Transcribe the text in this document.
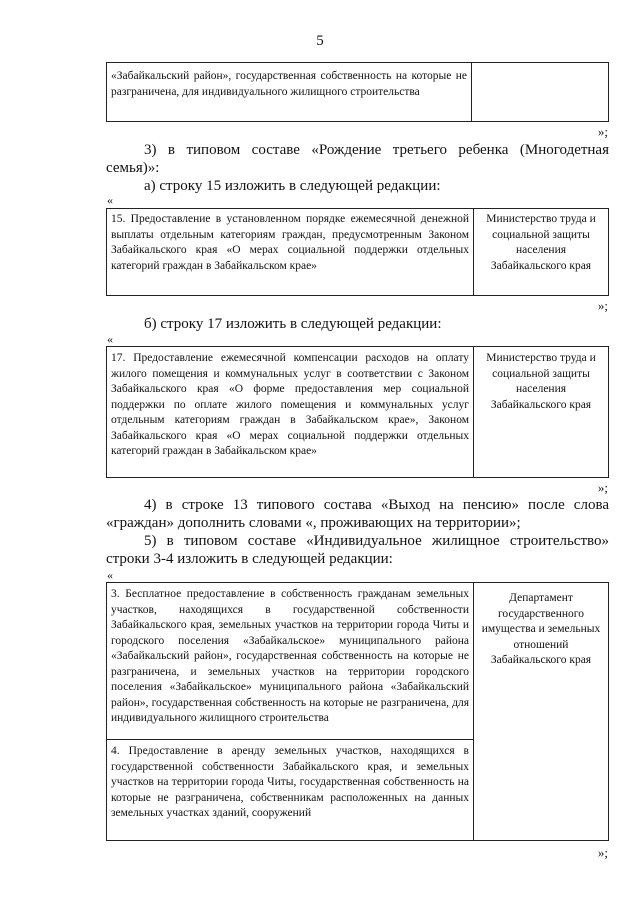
5
«Забайкальский район», государственная собственность на которые не разграничена, для индивидуального жилищного строительства
»;
3) в типовом составе «Рождение третьего ребенка (Многодетная семья)»:
а) строку 15 изложить в следующей редакции:
«
15. Предоставление в установленном порядке ежемесячной денежной выплаты отдельным категориям граждан, предусмотренным Законом Забайкальского края «О мерах социальной поддержки отдельных категорий граждан в Забайкальском крае»
Министерство труда и социальной защиты населения Забайкальского края
»;
б) строку 17 изложить в следующей редакции:
«
17. Предоставление ежемесячной компенсации расходов на оплату жилого помещения и коммунальных услуг в соответствии с Законом Забайкальского края «О форме предоставления мер социальной поддержки по оплате жилого помещения и коммунальных услуг отдельным категориям граждан в Забайкальском крае», Законом Забайкальского края «О мерах социальной поддержки отдельных категорий граждан в Забайкальском крае»
Министерство труда и социальной защиты населения Забайкальского края
»;
4) в строке 13 типового состава «Выход на пенсию» после слова «граждан» дополнить словами «, проживающих на территории»;
5) в типовом составе «Индивидуальное жилищное строительство» строки 3-4 изложить в следующей редакции:
«
3. Бесплатное предоставление в собственность гражданам земельных участков, находящихся в государственной собственности Забайкальского края, земельных участков на территории города Читы и городского поселения «Забайкальское» муниципального района «Забайкальский район», государственная собственность на которые не разграничена, и земельных участков на территории городского поселения «Забайкальское» муниципального района «Забайкальский район», государственная собственность на которые не разграничена, для индивидуального жилищного строительства
4. Предоставление в аренду земельных участков, находящихся в государственной собственности Забайкальского края, и земельных участков на территории города Читы, государственная собственность на которые не разграничена, собственникам расположенных на данных земельных участках зданий, сооружений
Департамент государственного имущества и земельных отношений Забайкальского края
»;
